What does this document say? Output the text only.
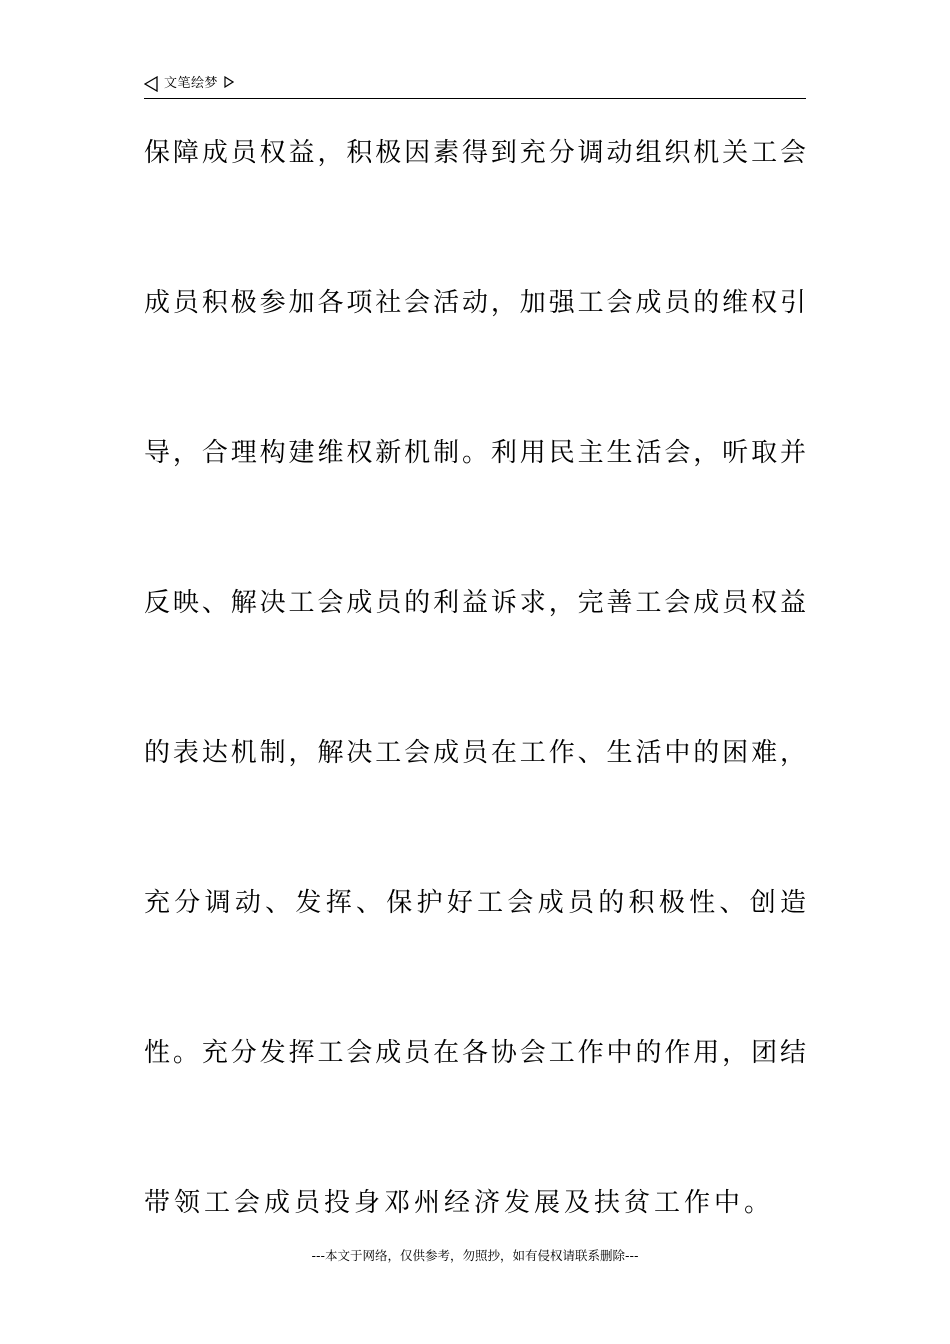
文笔绘梦
保障成员权益，积极因素得到充分调动组织机关工会
成员积极参加各项社会活动，加强工会成员的维权引
导，合理构建维权新机制。利用民主生活会，听取并
反映、解决工会成员的利益诉求，完善工会成员权益
的表达机制，解决工会成员在工作、生活中的困难，
充分调动、发挥、保护好工会成员的积极性、创造
性。充分发挥工会成员在各协会工作中的作用，团结
带领工会成员投身邓州经济发展及扶贫工作中。
---本文于网络，仅供参考，勿照抄，如有侵权请联系删除---
